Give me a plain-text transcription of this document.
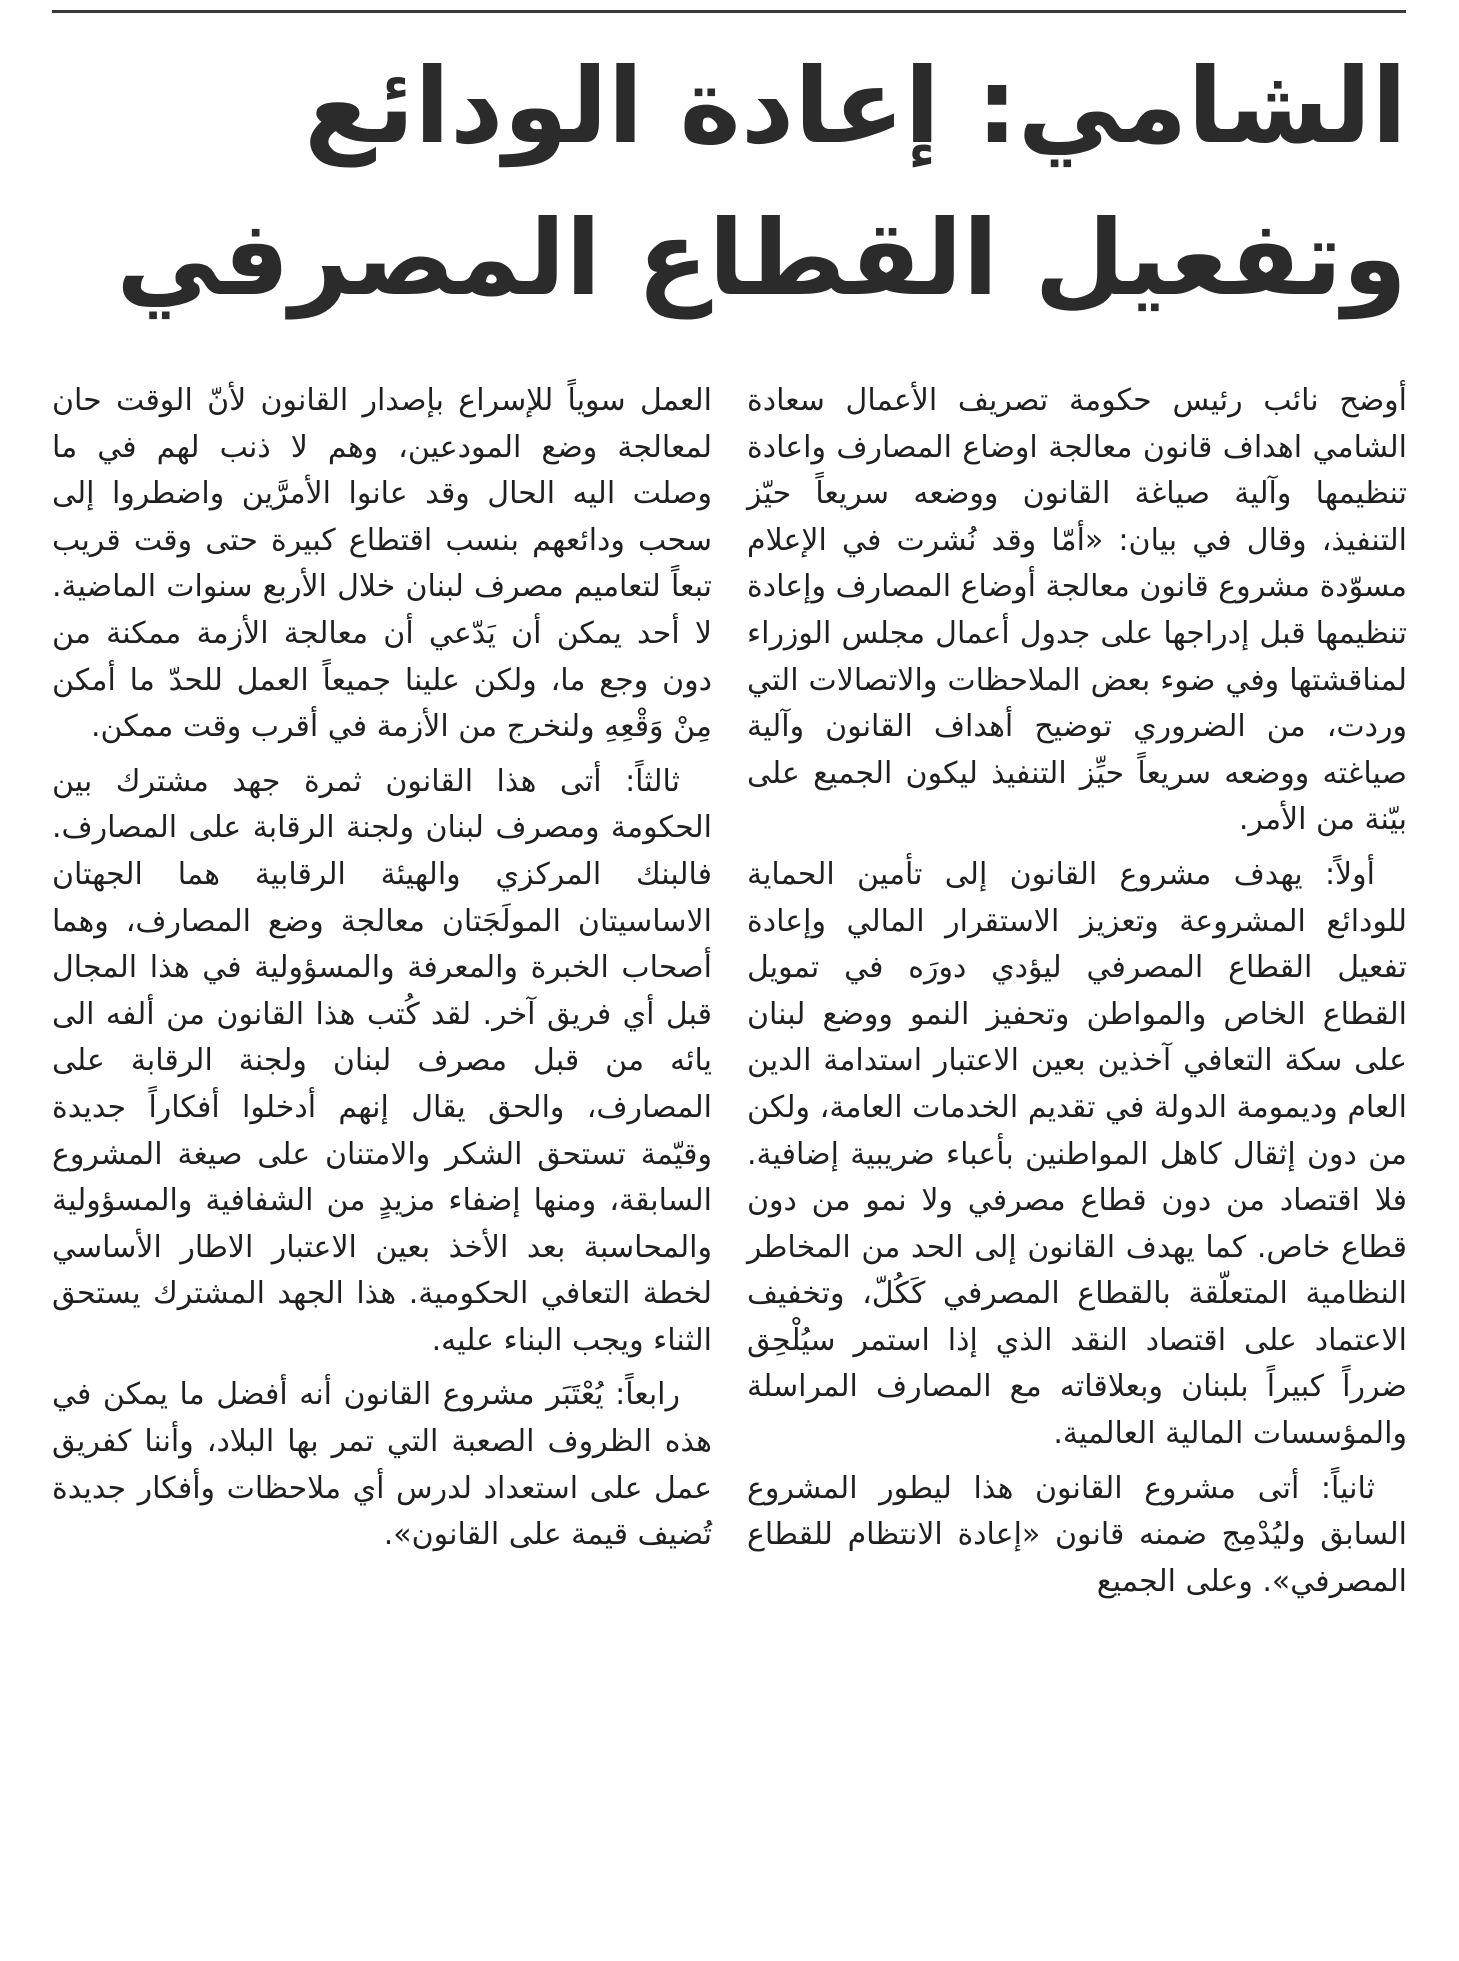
الشامي: إعادة الودائع وتفعيل القطاع المصرفي

أوضح نائب رئيس حكومة تصريف الأعمال سعادة الشامي اهداف قانون معالجة اوضاع المصارف واعادة تنظيمها وآلية صياغة القانون ووضعه سريعاً حيّز التنفيذ، وقال في بيان: «أمّا وقد نُشرت في الإعلام مسوّدة مشروع قانون معالجة أوضاع المصارف وإعادة تنظيمها قبل إدراجها على جدول أعمال مجلس الوزراء لمناقشتها وفي ضوء بعض الملاحظات والاتصالات التي وردت، من الضروري توضيح أهداف القانون وآلية صياغته ووضعه سريعاً حيِّز التنفيذ ليكون الجميع على بيّنة من الأمر.

أولاً: يهدف مشروع القانون إلى تأمين الحماية للودائع المشروعة وتعزيز الاستقرار المالي وإعادة تفعيل القطاع المصرفي ليؤدي دورَه في تمويل القطاع الخاص والمواطن وتحفيز النمو ووضع لبنان على سكة التعافي آخذين بعين الاعتبار استدامة الدين العام وديمومة الدولة في تقديم الخدمات العامة، ولكن من دون إثقال كاهل المواطنين بأعباء ضريبية إضافية. فلا اقتصاد من دون قطاع مصرفي ولا نمو من دون قطاع خاص. كما يهدف القانون إلى الحد من المخاطر النظامية المتعلّقة بالقطاع المصرفي كَكُلّ، وتخفيف الاعتماد على اقتصاد النقد الذي إذا استمر سيُلْحِق ضرراً كبيراً بلبنان وبعلاقاته مع المصارف المراسلة والمؤسسات المالية العالمية.

ثانياً: أتى مشروع القانون هذا ليطور المشروع السابق وليُدْمِج ضمنه قانون «إعادة الانتظام للقطاع المصرفي». وعلى الجميع

العمل سوياً للإسراع بإصدار القانون لأنّ الوقت حان لمعالجة وضع المودعين، وهم لا ذنب لهم في ما وصلت اليه الحال وقد عانوا الأمرَّين واضطروا إلى سحب ودائعهم بنسب اقتطاع كبيرة حتى وقت قريب تبعاً لتعاميم مصرف لبنان خلال الأربع سنوات الماضية. لا أحد يمكن أن يَدّعي أن معالجة الأزمة ممكنة من دون وجع ما، ولكن علينا جميعاً العمل للحدّ ما أمكن مِنْ وَقْعِهِ ولنخرج من الأزمة في أقرب وقت ممكن.

ثالثاً: أتى هذا القانون ثمرة جهد مشترك بين الحكومة ومصرف لبنان ولجنة الرقابة على المصارف. فالبنك المركزي والهيئة الرقابية هما الجهتان الاساسيتان المولَجَتان معالجة وضع المصارف، وهما أصحاب الخبرة والمعرفة والمسؤولية في هذا المجال قبل أي فريق آخر. لقد كُتب هذا القانون من ألفه الى يائه من قبل مصرف لبنان ولجنة الرقابة على المصارف، والحق يقال إنهم أدخلوا أفكاراً جديدة وقيّمة تستحق الشكر والامتنان على صيغة المشروع السابقة، ومنها إضفاء مزيدٍ من الشفافية والمسؤولية والمحاسبة بعد الأخذ بعين الاعتبار الاطار الأساسي لخطة التعافي الحكومية. هذا الجهد المشترك يستحق الثناء ويجب البناء عليه.

رابعاً: يُعْتَبَر مشروع القانون أنه أفضل ما يمكن في هذه الظروف الصعبة التي تمر بها البلاد، وأننا كفريق عمل على استعداد لدرس أي ملاحظات وأفكار جديدة تُضيف قيمة على القانون».
